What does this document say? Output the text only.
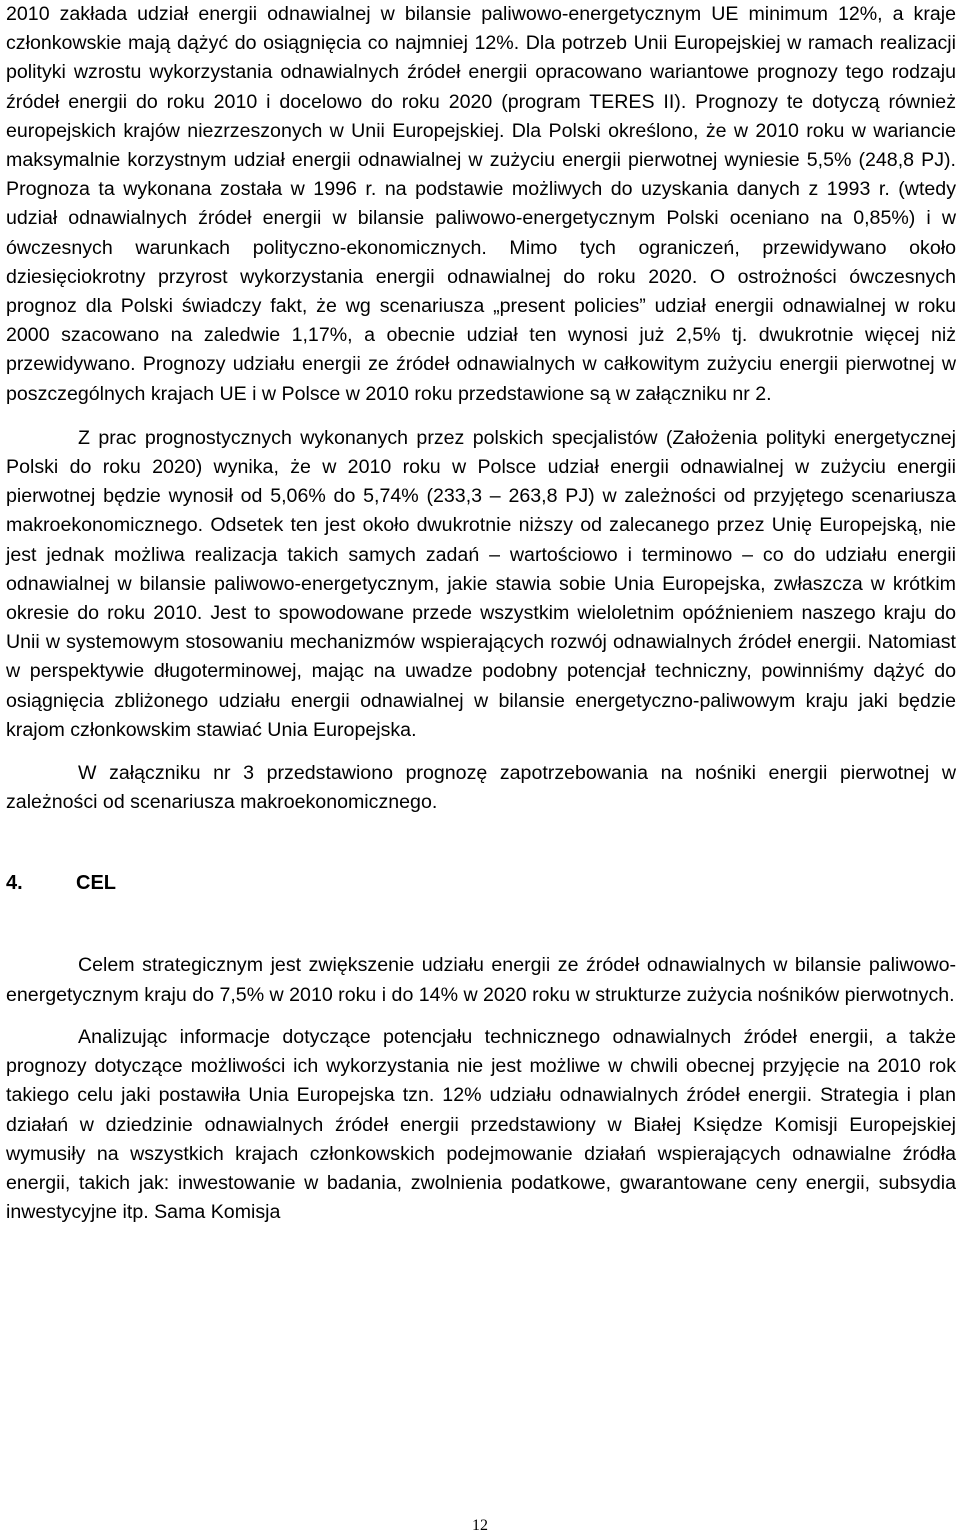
2010 zakłada udział energii odnawialnej w bilansie paliwowo-energetycznym UE minimum 12%, a kraje członkowskie mają dążyć do osiągnięcia co najmniej 12%. Dla potrzeb Unii Europejskiej w ramach realizacji polityki wzrostu wykorzystania odnawialnych źródeł energii opracowano wariantowe prognozy tego rodzaju źródeł energii do roku 2010 i docelowo do roku 2020 (program TERES II). Prognozy te dotyczą również europejskich krajów niezrzeszonych w Unii Europejskiej. Dla Polski określono, że w 2010 roku w wariancie maksymalnie korzystnym udział energii odnawialnej w zużyciu energii pierwotnej wyniesie 5,5% (248,8 PJ). Prognoza ta wykonana została w 1996 r. na podstawie możliwych do uzyskania danych z 1993 r. (wtedy udział odnawialnych źródeł energii w bilansie paliwowo-energetycznym Polski oceniano na 0,85%) i w ówczesnych warunkach polityczno-ekonomicznych. Mimo tych ograniczeń, przewidywano około dziesięciokrotny przyrost wykorzystania energii odnawialnej do roku 2020. O ostrożności ówczesnych prognoz dla Polski świadczy fakt, że wg scenariusza „present policies” udział energii odnawialnej w roku 2000 szacowano na zaledwie 1,17%, a obecnie udział ten wynosi już 2,5% tj. dwukrotnie więcej niż przewidywano. Prognozy udziału energii ze źródeł odnawialnych w całkowitym zużyciu energii pierwotnej w poszczególnych krajach UE i w Polsce w 2010 roku przedstawione są w załączniku nr 2.

Z prac prognostycznych wykonanych przez polskich specjalistów (Założenia polityki energetycznej Polski do roku 2020) wynika, że w 2010 roku w Polsce udział energii odnawialnej w zużyciu energii pierwotnej będzie wynosił od 5,06% do 5,74% (233,3 – 263,8 PJ) w zależności od przyjętego scenariusza makroekonomicznego. Odsetek ten jest około dwukrotnie niższy od zalecanego przez Unię Europejską, nie jest jednak możliwa realizacja takich samych zadań – wartościowo i terminowo – co do udziału energii odnawialnej w bilansie paliwowo-energetycznym, jakie stawia sobie Unia Europejska, zwłaszcza w krótkim okresie do roku 2010. Jest to spowodowane przede wszystkim wieloletnim opóźnieniem naszego kraju do Unii w systemowym stosowaniu mechanizmów wspierających rozwój odnawialnych źródeł energii. Natomiast w perspektywie długoterminowej, mając na uwadze podobny potencjał techniczny, powinniśmy dążyć do osiągnięcia zbliżonego udziału energii odnawialnej w bilansie energetyczno-paliwowym kraju jaki będzie krajom członkowskim stawiać Unia Europejska.

W załączniku nr 3 przedstawiono prognozę zapotrzebowania na nośniki energii pierwotnej w zależności od scenariusza makroekonomicznego.

4.	CEL

Celem strategicznym jest zwiększenie udziału energii ze źródeł odnawialnych w bilansie paliwowo-energetycznym kraju do 7,5% w 2010 roku i do 14% w 2020 roku w strukturze zużycia nośników pierwotnych.

Analizując informacje dotyczące potencjału technicznego odnawialnych źródeł energii, a także prognozy dotyczące możliwości ich wykorzystania nie jest możliwe w chwili obecnej przyjęcie na 2010 rok takiego celu jaki postawiła Unia Europejska tzn. 12% udziału odnawialnych źródeł energii. Strategia i plan działań w dziedzinie odnawialnych źródeł energii przedstawiony w Białej Księdze Komisji Europejskiej wymusiły na wszystkich krajach członkowskich podejmowanie działań wspierających odnawialne źródła energii, takich jak: inwestowanie w badania, zwolnienia podatkowe, gwarantowane ceny energii, subsydia inwestycyjne itp. Sama Komisja

12
